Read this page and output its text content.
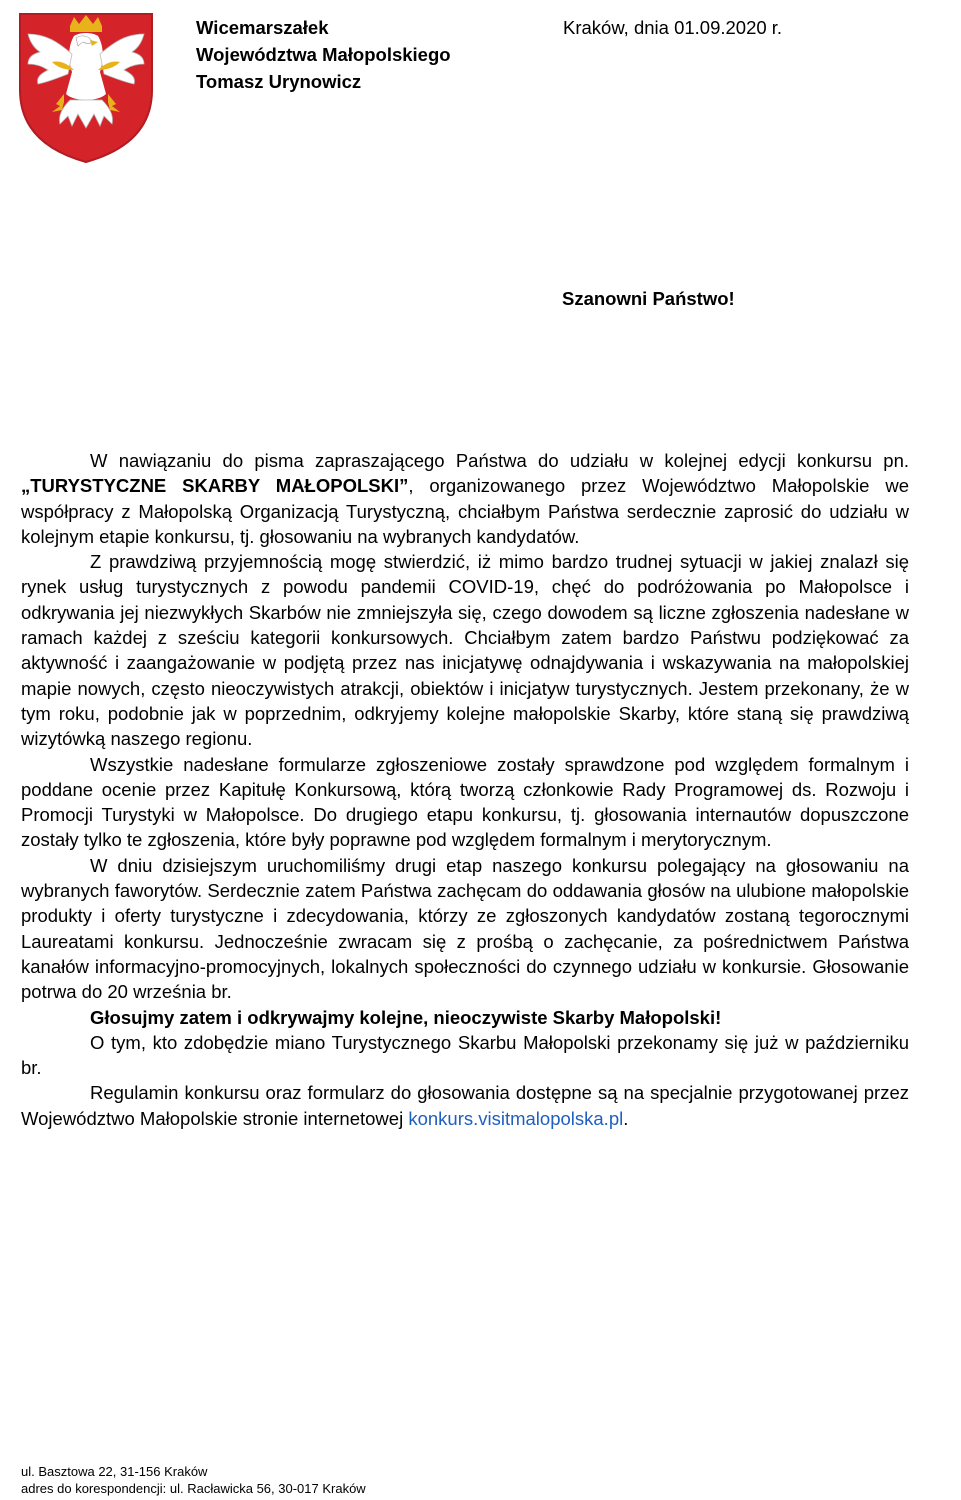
Wicemarszałek
Województwa Małopolskiego
Tomasz Urynowicz
Kraków, dnia 01.09.2020 r.
Szanowni Państwo!

W nawiązaniu do pisma zapraszającego Państwa do udziału w kolejnej edycji konkursu pn. „TURYSTYCZNE SKARBY MAŁOPOLSKI”, organizowanego przez Województwo Małopolskie we współpracy z Małopolską Organizacją Turystyczną, chciałbym Państwa serdecznie zaprosić do udziału w kolejnym etapie konkursu, tj. głosowaniu na wybranych kandydatów.

Z prawdziwą przyjemnością mogę stwierdzić, iż mimo bardzo trudnej sytuacji w jakiej znalazł się rynek usług turystycznych z powodu pandemii COVID-19, chęć do podróżowania po Małopolsce i odkrywania jej niezwykłych Skarbów nie zmniejszyła się, czego dowodem są liczne zgłoszenia nadesłane w ramach każdej z sześciu kategorii konkursowych. Chciałbym zatem bardzo Państwu podziękować za aktywność i zaangażowanie w podjętą przez nas inicjatywę odnajdywania i wskazywania na małopolskiej mapie nowych, często nieoczywistych atrakcji, obiektów i inicjatyw turystycznych. Jestem przekonany, że w tym roku, podobnie jak w poprzednim, odkryjemy kolejne małopolskie Skarby, które staną się prawdziwą wizytówką naszego regionu.

Wszystkie nadesłane formularze zgłoszeniowe zostały sprawdzone pod względem formalnym i poddane ocenie przez Kapitułę Konkursową, którą tworzą członkowie Rady Programowej ds. Rozwoju i Promocji Turystyki w Małopolsce. Do drugiego etapu konkursu, tj. głosowania internautów dopuszczone zostały tylko te zgłoszenia, które były poprawne pod względem formalnym i merytorycznym.

W dniu dzisiejszym uruchomiliśmy drugi etap naszego konkursu polegający na głosowaniu na wybranych faworytów. Serdecznie zatem Państwa zachęcam do oddawania głosów na ulubione małopolskie produkty i oferty turystyczne i zdecydowania, którzy ze zgłoszonych kandydatów zostaną tegorocznymi Laureatami konkursu. Jednocześnie zwracam się z prośbą o zachęcanie, za pośrednictwem Państwa kanałów informacyjno-promocyjnych, lokalnych społeczności do czynnego udziału w konkursie. Głosowanie potrwa do 20 września br.

Głosujmy zatem i odkrywajmy kolejne, nieoczywiste Skarby Małopolski!

O tym, kto zdobędzie miano Turystycznego Skarbu Małopolski przekonamy się już w październiku br.

Regulamin konkursu oraz formularz do głosowania dostępne są na specjalnie przygotowanej przez Województwo Małopolskie stronie internetowej konkurs.visitmalopolska.pl.

ul. Basztowa 22, 31-156 Kraków
adres do korespondencji: ul. Racławicka 56, 30-017 Kraków
